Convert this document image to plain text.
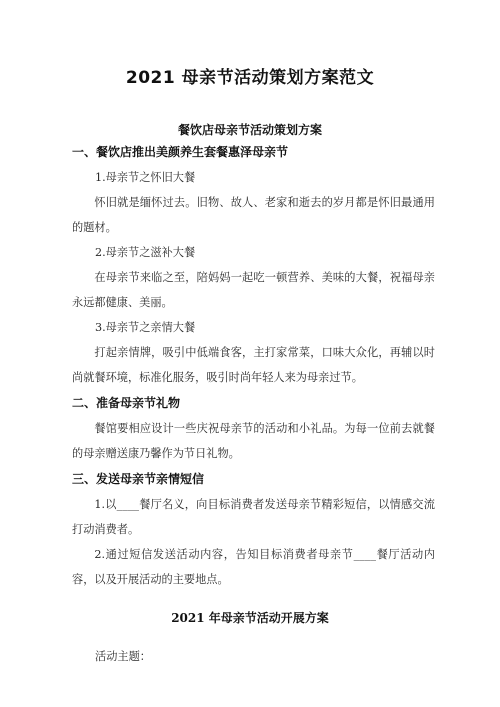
2021 母亲节活动策划方案范文
餐饮店母亲节活动策划方案

一、餐饮店推出美颜养生套餐惠泽母亲节

1.母亲节之怀旧大餐

怀旧就是缅怀过去。旧物、故人、老家和逝去的岁月都是怀旧最通用的题材。

2.母亲节之滋补大餐

在母亲节来临之至，陪妈妈一起吃一顿营养、美味的大餐，祝福母亲永远都健康、美丽。

3.母亲节之亲情大餐

打起亲情牌，吸引中低端食客，主打家常菜，口味大众化，再辅以时尚就餐环境，标准化服务，吸引时尚年轻人来为母亲过节。

二、准备母亲节礼物

餐馆要相应设计一些庆祝母亲节的活动和小礼品。为每一位前去就餐的母亲赠送康乃馨作为节日礼物。

三、发送母亲节亲情短信

1.以____餐厅名义，向目标消费者发送母亲节精彩短信，以情感交流打动消费者。

2.通过短信发送活动内容，告知目标消费者母亲节____餐厅活动内容，以及开展活动的主要地点。

2021 年母亲节活动开展方案

活动主题：
